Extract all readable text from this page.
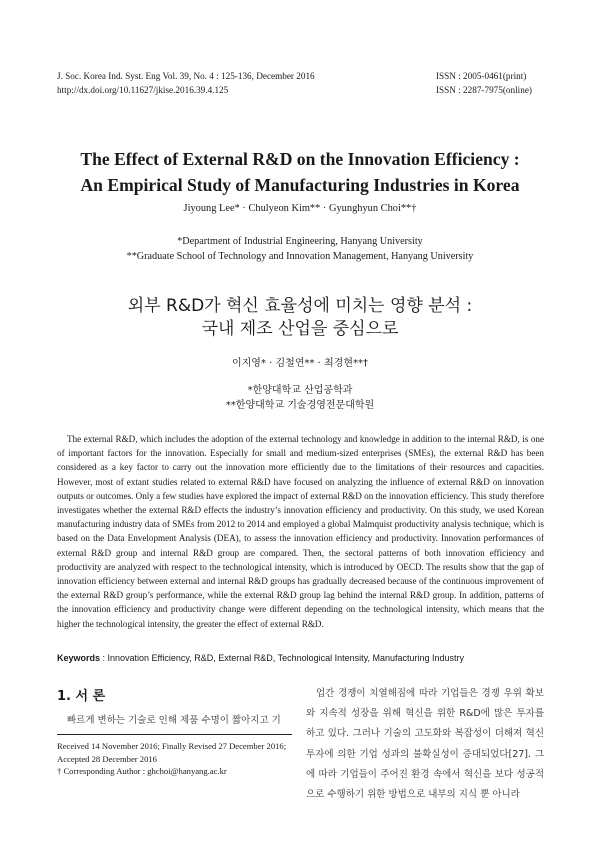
J. Soc. Korea Ind. Syst. Eng Vol. 39, No. 4 : 125-136, December 2016
http://dx.doi.org/10.11627/jkise.2016.39.4.125
ISSN : 2005-0461(print)
ISSN : 2287-7975(online)
The Effect of External R&D on the Innovation Efficiency :
An Empirical Study of Manufacturing Industries in Korea
Jiyoung Lee* · Chulyeon Kim** · Gyunghyun Choi**†
*Department of Industrial Engineering, Hanyang University
**Graduate School of Technology and Innovation Management, Hanyang University
외부 R&D가 혁신 효율성에 미치는 영향 분석 :
국내 제조 산업을 중심으로
이지영* · 김철연** · 최경현**†
*한양대학교 산업공학과
**한양대학교 기술경영전문대학원
The external R&D, which includes the adoption of the external technology and knowledge in addition to the internal R&D, is one of important factors for the innovation. Especially for small and medium-sized enterprises (SMEs), the external R&D has been considered as a key factor to carry out the innovation more efficiently due to the limitations of their resources and capacities. However, most of extant studies related to external R&D have focused on analyzing the influence of external R&D on innovation outputs or outcomes. Only a few studies have explored the impact of external R&D on the innovation efficiency. This study therefore investigates whether the external R&D effects the industry’s innovation efficiency and productivity. On this study, we used Korean manufacturing industry data of SMEs from 2012 to 2014 and employed a global Malmquist productivity analysis technique, which is based on the Data Envelopment Analysis (DEA), to assess the innovation efficiency and productivity. Innovation performances of external R&D group and internal R&D group are compared. Then, the sectoral patterns of both innovation efficiency and productivity are analyzed with respect to the technological intensity, which is introduced by OECD. The results show that the gap of innovation efficiency between external and internal R&D groups has gradually decreased because of the continuous improvement of the external R&D group’s performance, while the external R&D group lag behind the internal R&D group. In addition, patterns of the innovation efficiency and productivity change were different depending on the technological intensity, which means that the higher the technological intensity, the greater the effect of external R&D.
Keywords : Innovation Efficiency, R&D, External R&D, Technological Intensity, Manufacturing Industry
1. 서 론
빠르게 변하는 기술로 인해 제품 수명이 짧아지고 기
Received 14 November 2016; Finally Revised 27 December 2016;
Accepted 28 December 2016
† Corresponding Author : ghchoi@hanyang.ac.kr
업간 경쟁이 치열해짐에 따라 기업들은 경쟁 우위 확보와 지속적 성장을 위해 혁신을 위한 R&D에 많은 투자를 하고 있다. 그러나 기술의 고도화와 복잡성이 더해져 혁신 투자에 의한 기업 성과의 불확실성이 증대되었다[27]. 그에 따라 기업들이 주어진 환경 속에서 혁신을 보다 성공적으로 수행하기 위한 방법으로 내부의 지식 뿐 아니라
